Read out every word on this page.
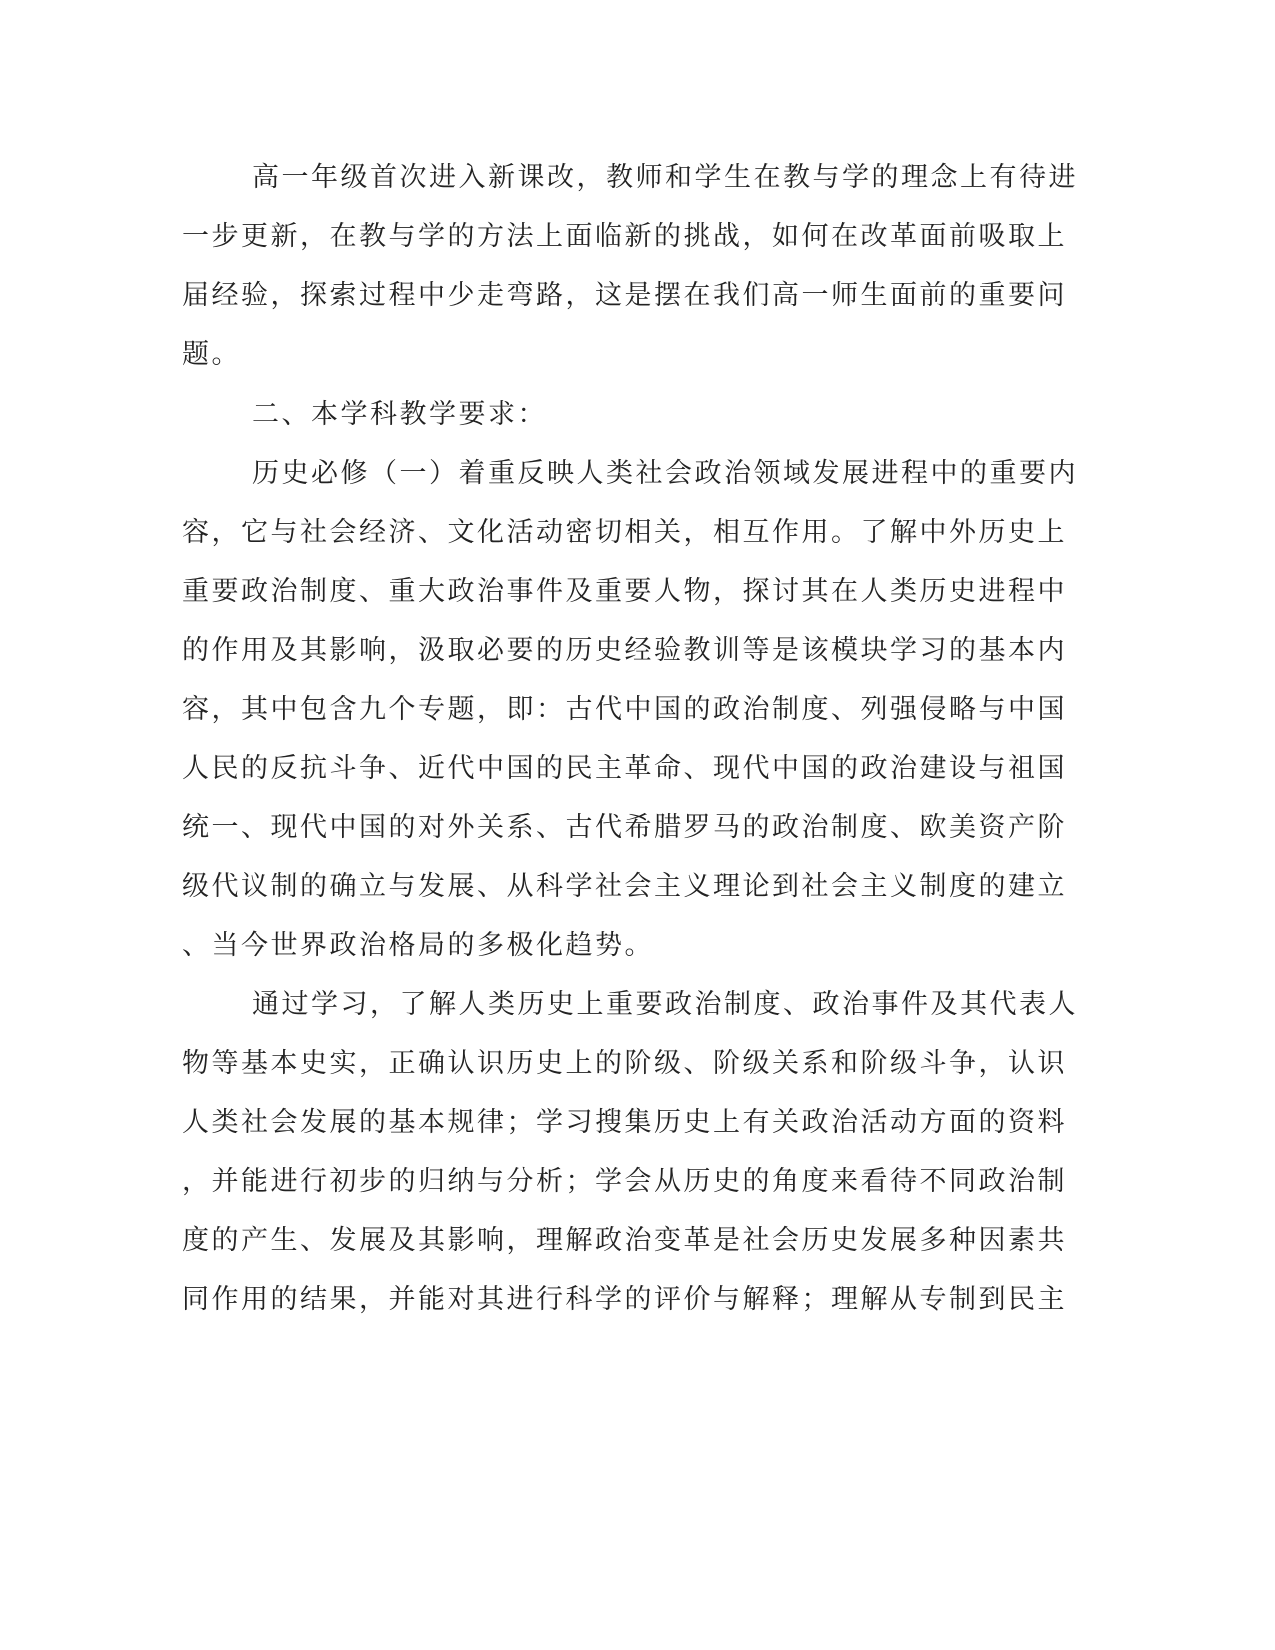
高一年级首次进入新课改，教师和学生在教与学的理念上有待进
一步更新，在教与学的方法上面临新的挑战，如何在改革面前吸取上
届经验，探索过程中少走弯路，这是摆在我们高一师生面前的重要问
题。
二、本学科教学要求：
历史必修（一）着重反映人类社会政治领域发展进程中的重要内
容，它与社会经济、文化活动密切相关，相互作用。了解中外历史上
重要政治制度、重大政治事件及重要人物，探讨其在人类历史进程中
的作用及其影响，汲取必要的历史经验教训等是该模块学习的基本内
容，其中包含九个专题，即：古代中国的政治制度、列强侵略与中国
人民的反抗斗争、近代中国的民主革命、现代中国的政治建设与祖国
统一、现代中国的对外关系、古代希腊罗马的政治制度、欧美资产阶
级代议制的确立与发展、从科学社会主义理论到社会主义制度的建立
、当今世界政治格局的多极化趋势。
通过学习，了解人类历史上重要政治制度、政治事件及其代表人
物等基本史实，正确认识历史上的阶级、阶级关系和阶级斗争，认识
人类社会发展的基本规律；学习搜集历史上有关政治活动方面的资料
，并能进行初步的归纳与分析；学会从历史的角度来看待不同政治制
度的产生、发展及其影响，理解政治变革是社会历史发展多种因素共
同作用的结果，并能对其进行科学的评价与解释；理解从专制到民主
